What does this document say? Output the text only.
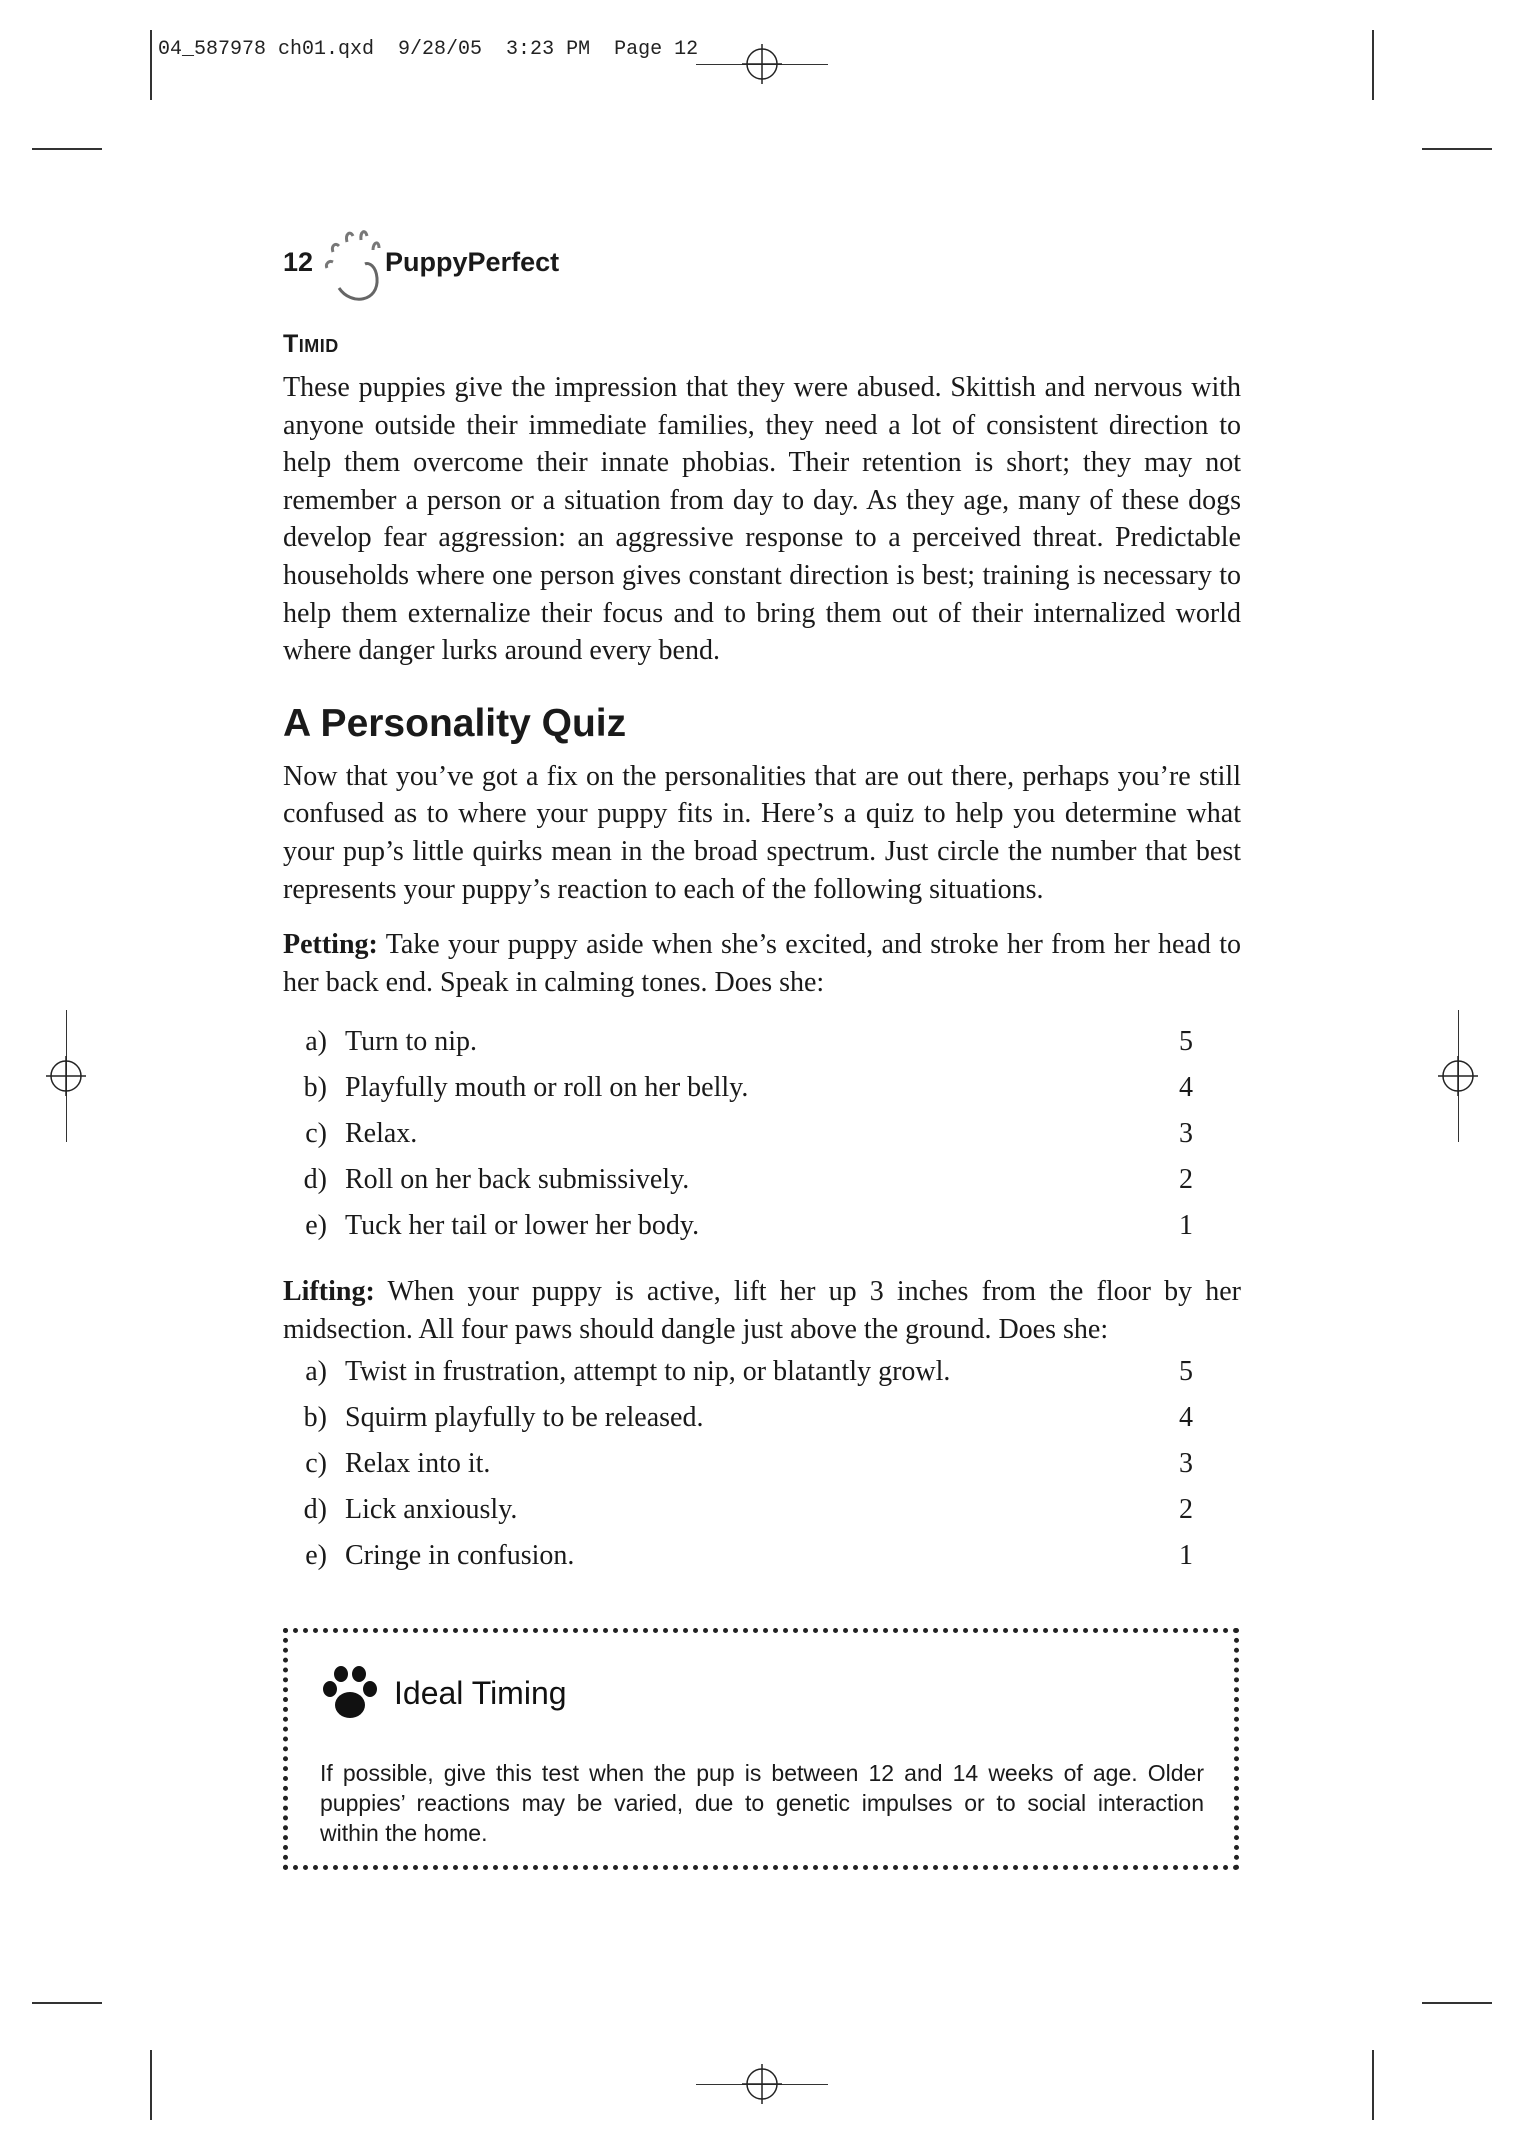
04_587978 ch01.qxd  9/28/05  3:23 PM  Page 12
12	PuppyPerfect
Timid

These puppies give the impression that they were abused. Skittish and nervous with anyone outside their immediate families, they need a lot of consistent direction to help them overcome their innate phobias. Their retention is short; they may not remember a person or a situation from day to day. As they age, many of these dogs develop fear aggression: an aggressive response to a perceived threat. Predictable households where one person gives constant direction is best; training is necessary to help them externalize their focus and to bring them out of their internalized world where danger lurks around every bend.

A Personality Quiz

Now that you’ve got a fix on the personalities that are out there, perhaps you’re still confused as to where your puppy fits in. Here’s a quiz to help you determine what your pup’s little quirks mean in the broad spectrum. Just circle the number that best represents your puppy’s reaction to each of the following situations.

Petting: Take your puppy aside when she’s excited, and stroke her from her head to her back end. Speak in calming tones. Does she:

a) Turn to nip.	5
b) Playfully mouth or roll on her belly.	4
c) Relax.	3
d) Roll on her back submissively.	2
e) Tuck her tail or lower her body.	1

Lifting: When your puppy is active, lift her up 3 inches from the floor by her midsection. All four paws should dangle just above the ground. Does she:

a) Twist in frustration, attempt to nip, or blatantly growl.	5
b) Squirm playfully to be released.	4
c) Relax into it.	3
d) Lick anxiously.	2
e) Cringe in confusion.	1
Ideal Timing
If possible, give this test when the pup is between 12 and 14 weeks of age. Older puppies’ reactions may be varied, due to genetic impulses or to social interaction within the home.
